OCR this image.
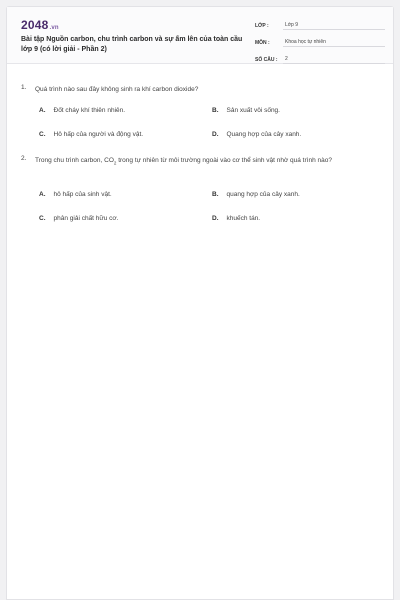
2048.vn
Bài tập Nguồn carbon, chu trình carbon và sự ấm lên của toàn cầu lớp 9 (có lời giải - Phần 2)
LỚP :	Lớp 9
MÔN :	Khoa học tự nhiên
SỐ CÂU :	2
1.	Quá trình nào sau đây không sinh ra khí carbon dioxide?
A. Đốt cháy khí thiên nhiên.	B. Sản xuất vôi sống.
C. Hô hấp của người và động vật.	D. Quang hợp của cây xanh.
2.	Trong chu trình carbon, $CO_2$ trong tự nhiên từ môi trường ngoài vào cơ thể sinh vật nhờ quá trình nào?
A. hô hấp của sinh vật.	B. quang hợp của cây xanh.
C. phân giải chất hữu cơ.	D. khuếch tán.
